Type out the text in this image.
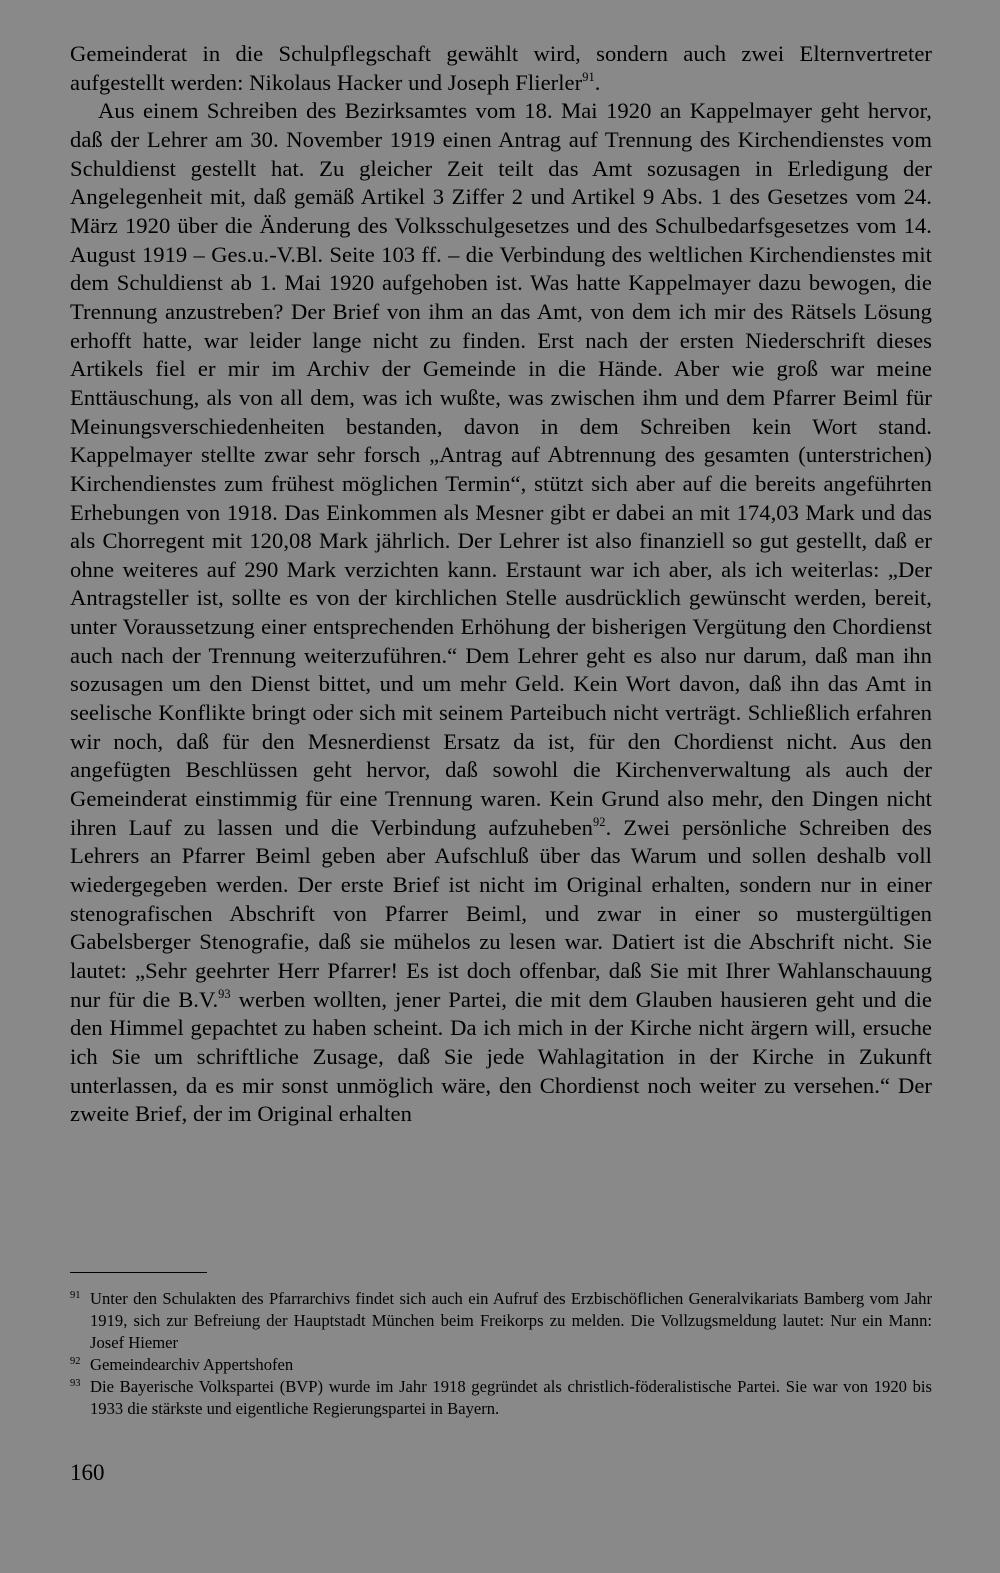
Gemeinderat in die Schulpflegschaft gewählt wird, sondern auch zwei Elternvertreter aufgestellt werden: Nikolaus Hacker und Joseph Flierler$^{91}$.

Aus einem Schreiben des Bezirksamtes vom 18. Mai 1920 an Kappelmayer geht hervor, daß der Lehrer am 30. November 1919 einen Antrag auf Trennung des Kirchendienstes vom Schuldienst gestellt hat. Zu gleicher Zeit teilt das Amt sozusagen in Erledigung der Angelegenheit mit, daß gemäß Artikel 3 Ziffer 2 und Artikel 9 Abs. 1 des Gesetzes vom 24. März 1920 über die Änderung des Volksschulgesetzes und des Schulbedarfsgesetzes vom 14. August 1919 – Ges.u.-V.Bl. Seite 103 ff. – die Verbindung des weltlichen Kirchendienstes mit dem Schuldienst ab 1. Mai 1920 aufgehoben ist. Was hatte Kappelmayer dazu bewogen, die Trennung anzustreben? Der Brief von ihm an das Amt, von dem ich mir des Rätsels Lösung erhofft hatte, war leider lange nicht zu finden. Erst nach der ersten Niederschrift dieses Artikels fiel er mir im Archiv der Gemeinde in die Hände. Aber wie groß war meine Enttäuschung, als von all dem, was ich wußte, was zwischen ihm und dem Pfarrer Beiml für Meinungsverschiedenheiten bestanden, davon in dem Schreiben kein Wort stand. Kappelmayer stellte zwar sehr forsch „Antrag auf Abtrennung des gesamten (unterstrichen) Kirchendienstes zum frühest möglichen Termin“, stützt sich aber auf die bereits angeführten Erhebungen von 1918. Das Einkommen als Mesner gibt er dabei an mit 174,03 Mark und das als Chorregent mit 120,08 Mark jährlich. Der Lehrer ist also finanziell so gut gestellt, daß er ohne weiteres auf 290 Mark verzichten kann. Erstaunt war ich aber, als ich weiterlas: „Der Antragsteller ist, sollte es von der kirchlichen Stelle ausdrücklich gewünscht werden, bereit, unter Voraussetzung einer entsprechenden Erhöhung der bisherigen Vergütung den Chordienst auch nach der Trennung weiterzuführen.“ Dem Lehrer geht es also nur darum, daß man ihn sozusagen um den Dienst bittet, und um mehr Geld. Kein Wort davon, daß ihn das Amt in seelische Konflikte bringt oder sich mit seinem Parteibuch nicht verträgt. Schließlich erfahren wir noch, daß für den Mesnerdienst Ersatz da ist, für den Chordienst nicht. Aus den angefügten Beschlüssen geht hervor, daß sowohl die Kirchenverwaltung als auch der Gemeinderat einstimmig für eine Trennung waren. Kein Grund also mehr, den Dingen nicht ihren Lauf zu lassen und die Verbindung aufzuheben$^{92}$. Zwei persönliche Schreiben des Lehrers an Pfarrer Beiml geben aber Aufschluß über das Warum und sollen deshalb voll wiedergegeben werden. Der erste Brief ist nicht im Original erhalten, sondern nur in einer stenografischen Abschrift von Pfarrer Beiml, und zwar in einer so mustergültigen Gabelsberger Stenografie, daß sie mühelos zu lesen war. Datiert ist die Abschrift nicht. Sie lautet: „Sehr geehrter Herr Pfarrer! Es ist doch offenbar, daß Sie mit Ihrer Wahlanschauung nur für die B.V.$^{93}$ werben wollten, jener Partei, die mit dem Glauben hausieren geht und die den Himmel gepachtet zu haben scheint. Da ich mich in der Kirche nicht ärgern will, ersuche ich Sie um schriftliche Zusage, daß Sie jede Wahlagitation in der Kirche in Zukunft unterlassen, da es mir sonst unmöglich wäre, den Chordienst noch weiter zu versehen.“ Der zweite Brief, der im Original erhalten

91 Unter den Schulakten des Pfarrarchivs findet sich auch ein Aufruf des Erzbischöflichen Generalvikariats Bamberg vom Jahr 1919, sich zur Befreiung der Hauptstadt München beim Freikorps zu melden. Die Vollzugsmeldung lautet: Nur ein Mann: Josef Hiemer

92 Gemeindearchiv Appertshofen

93 Die Bayerische Volkspartei (BVP) wurde im Jahr 1918 gegründet als christlich-föderalistische Partei. Sie war von 1920 bis 1933 die stärkste und eigentliche Regierungspartei in Bayern.

160
